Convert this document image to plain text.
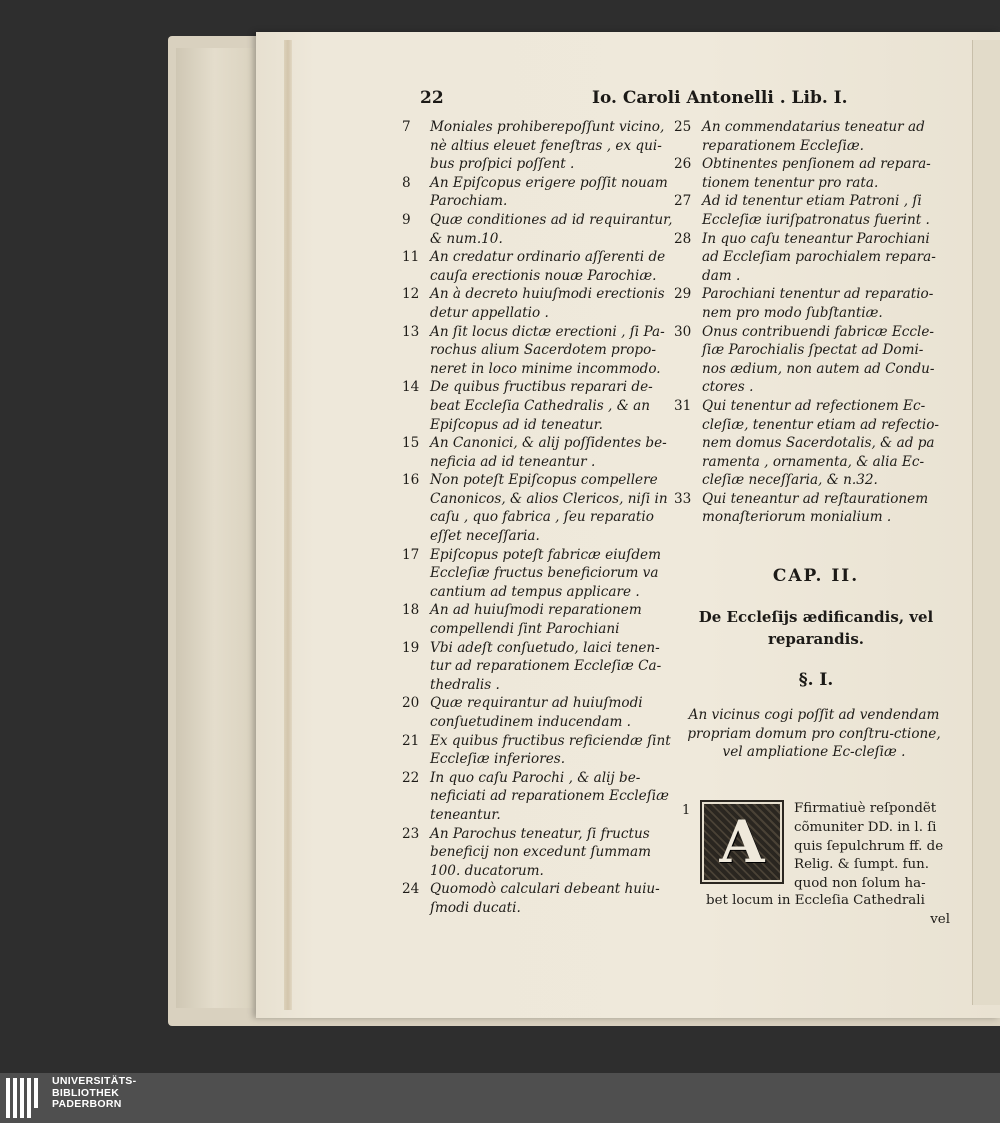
22	Io. Caroli Antonelli . Lib. I.

7	Moniales prohiberepoſſunt vicino, nè altius eleuet feneſtras , ex qui-bus proſpici poſſent .

8	An Epiſcopus erigere poſſit nouam Parochiam.

9	Quæ conditiones ad id requirantur, & num.10.

11 An credatur ordinario aſſerenti de cauſa erectionis nouæ Parochiæ.

12 An à decreto huiuſmodi erectionis detur appellatio .

13 An ſit locus dictæ erectioni , ſi Pa-rochus alium Sacerdotem propo-neret in loco minime incommodo.

14 De quibus fructibus reparari de-beat Eccleſia Cathedralis , & an Epiſcopus ad id teneatur.

15 An Canonici, & alij poſſidentes be-neficia ad id teneantur .

16 Non poteſt Epiſcopus compellere Canonicos, & alios Clericos, niſi in caſu , quo fabrica , ſeu reparatio eſſet neceſſaria.

17 Epiſcopus poteſt fabricæ eiuſdem Eccleſiæ fructus beneficiorum va cantium ad tempus applicare .

18 An ad huiuſmodi reparationem compellendi ſint Parochiani

19 Vbi adeſt conſuetudo, laici tenen-tur ad reparationem Eccleſiæ Ca-thedralis .

20 Quæ requirantur ad huiuſmodi conſuetudinem inducendam .

21 Ex quibus fructibus reficiendæ ſint Eccleſiæ inferiores.

22 In quo caſu Parochi , & alij be-neficiati ad reparationem Eccleſiæ teneantur.

23 An Parochus teneatur, ſi fructus beneficij non excedunt ſummam 100. ducatorum.

24 Quomodò calculari debeant huiu-ſmodi ducati.

25 An commendatarius teneatur ad reparationem Eccleſiæ.

26 Obtinentes penſionem ad repara-tionem tenentur pro rata.

27 Ad id tenentur etiam Patroni , ſi Eccleſiæ iuriſpatronatus fuerint .

28 In quo caſu teneantur Parochiani ad Eccleſiam parochialem repara-dam .

29 Parochiani tenentur ad reparatio-nem pro modo ſubſtantiæ.

30 Onus contribuendi fabricæ Eccle-ſiæ Parochialis ſpectat ad Domi-nos ædium, non autem ad Condu-ctores .

31 Qui tenentur ad refectionem Ec-cleſiæ, tenentur etiam ad refectio-nem domus Sacerdotalis, & ad pa ramenta , ornamenta, & alia Ec-cleſiæ neceſſaria, & n.32.

33 Qui teneantur ad reſtaurationem monaſteriorum monialium .

CAP. II.
De Eccleſijs ædificandis, vel
reparandis.
§. I.
An vicinus cogi poſſit ad vendendam propriam domum pro conſtru-ctione, vel ampliatione Ec-cleſiæ .
1 A Ffirmatiuè reſpondẽt
cõmuniter DD. in l. ſi
quis ſepulchrum ff. de
Relig. & ſumpt. fun.
quod non ſolum ha-
bet locum in Eccleſia Cathedrali
vel
UNIVERSITÄTS-
BIBLIOTHEK
PADERBORN
